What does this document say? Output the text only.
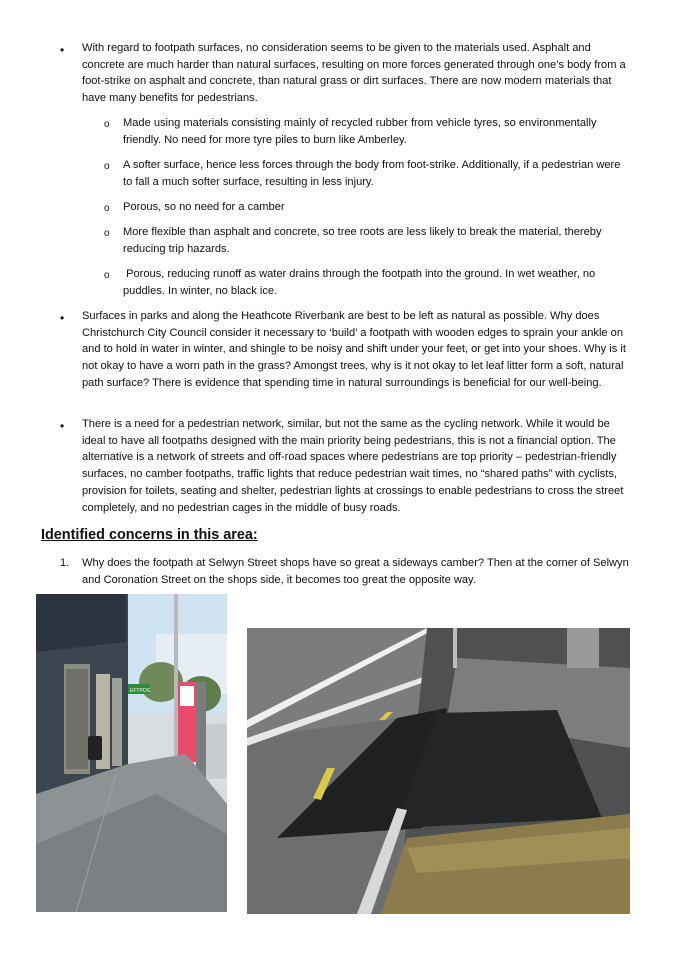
• With regard to footpath surfaces, no consideration seems to be given to the materials used. Asphalt and concrete are much harder than natural surfaces, resulting on more forces generated through one’s body from a foot-strike on asphalt and concrete, than natural grass or dirt surfaces. There are now modern materials that have many benefits for pedestrians.
o Made using materials consisting mainly of recycled rubber from vehicle tyres, so environmentally friendly. No need for more tyre piles to burn like Amberley.
o A softer surface, hence less forces through the body from foot-strike. Additionally, if a pedestrian were to fall a much softer surface, resulting in less injury.
o Porous, so no need for a camber
o More flexible than asphalt and concrete, so tree roots are less likely to break the material, thereby reducing trip hazards.
o Porous, reducing runoff as water drains through the footpath into the ground. In wet weather, no puddles. In winter, no black ice.
• Surfaces in parks and along the Heathcote Riverbank are best to be left as natural as possible. Why does Christchurch City Council consider it necessary to ‘build’ a footpath with wooden edges to sprain your ankle on and to hold in water in winter, and shingle to be noisy and shift under your feet, or get into your shoes. Why is it not okay to have a worn path in the grass? Amongst trees, why is it not okay to let leaf litter form a soft, natural path surface? There is evidence that spending time in natural surroundings is beneficial for our well-being.
• There is a need for a pedestrian network, similar, but not the same as the cycling network. While it would be ideal to have all footpaths designed with the main priority being pedestrians, this is not a financial option. The alternative is a network of streets and off-road spaces where pedestrians are top priority – pedestrian-friendly surfaces, no camber footpaths, traffic lights that reduce pedestrian wait times, no “shared paths” with cyclists, provision for toilets, seating and shelter, pedestrian lights at crossings to enable pedestrians to cross the street completely, and no pedestrian cages in the middle of busy roads.
Identified concerns in this area:
1. Why does the footpath at Selwyn Street shops have so great a sideways camber? Then at the corner of Selwyn and Coronation Street on the shops side, it becomes too great the opposite way.
EFTPOS
